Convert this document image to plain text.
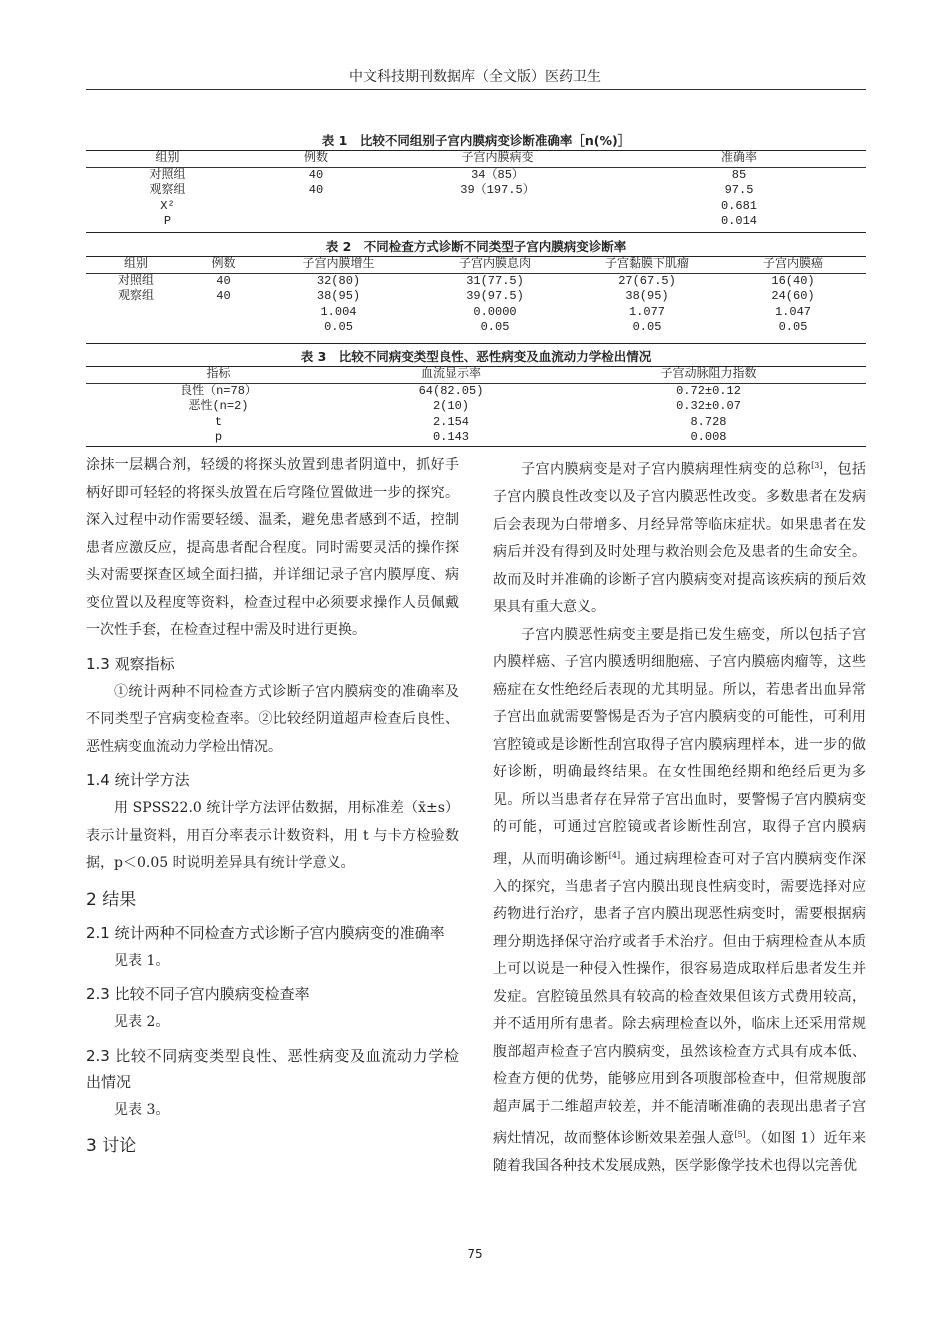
中文科技期刊数据库（全文版）医药卫生
表 1　比较不同组别子宫内膜病变诊断准确率［n(%)］
组别	例数	子宫内膜病变	准确率
对照组	40	34（85）	85
观察组	40	39（197.5）	97.5
X²			0.681
P			0.014
表 2　不同检查方式诊断不同类型子宫内膜病变诊断率
组别	例数	子宫内膜增生	子宫内膜息肉	子宫黏膜下肌瘤	子宫内膜癌
对照组	40	32(80)	31(77.5)	27(67.5)	16(40)
观察组	40	38(95)	39(97.5)	38(95)	24(60)
		1.004	0.0000	1.077	1.047
		0.05	0.05	0.05	0.05
表 3　比较不同病变类型良性、恶性病变及血流动力学检出情况
指标	血流显示率	子宫动脉阻力指数
良性（n=78）	64(82.05)	0.72±0.12
恶性(n=2)	2(10)	0.32±0.07
t	2.154	8.728
p	0.143	0.008

涂抹一层耦合剂，轻缓的将探头放置到患者阴道中，抓好手柄好即可轻轻的将探头放置在后穹隆位置做进一步的探究。深入过程中动作需要轻缓、温柔，避免患者感到不适，控制患者应激反应，提高患者配合程度。同时需要灵活的操作探头对需要探查区域全面扫描，并详细记录子宫内膜厚度、病变位置以及程度等资料，检查过程中必须要求操作人员佩戴一次性手套，在检查过程中需及时进行更换。

1.3 观察指标

①统计两种不同检查方式诊断子宫内膜病变的准确率及不同类型子宫病变检查率。②比较经阴道超声检查后良性、恶性病变血流动力学检出情况。

1.4 统计学方法

用 SPSS22.0 统计学方法评估数据，用标准差（x̄±s）表示计量资料，用百分率表示计数资料，用 t 与卡方检验数据，p＜0.05 时说明差异具有统计学意义。

2 结果
2.1 统计两种不同检查方式诊断子宫内膜病变的准确率

见表 1。

2.3 比较不同子宫内膜病变检查率

见表 2。

2.3 比较不同病变类型良性、恶性病变及血流动力学检出情况

见表 3。

3 讨论

子宫内膜病变是对子宫内膜病理性病变的总称[3]，包括子宫内膜良性改变以及子宫内膜恶性改变。多数患者在发病后会表现为白带增多、月经异常等临床症状。如果患者在发病后并没有得到及时处理与救治则会危及患者的生命安全。故而及时并准确的诊断子宫内膜病变对提高该疾病的预后效果具有重大意义。

子宫内膜恶性病变主要是指已发生癌变，所以包括子宫内膜样癌、子宫内膜透明细胞癌、子宫内膜癌肉瘤等，这些癌症在女性绝经后表现的尤其明显。所以，若患者出血异常子宫出血就需要警惕是否为子宫内膜病变的可能性，可利用宫腔镜或是诊断性刮宫取得子宫内膜病理样本，进一步的做好诊断，明确最终结果。在女性围绝经期和绝经后更为多见。所以当患者存在异常子宫出血时，要警惕子宫内膜病变的可能，可通过宫腔镜或者诊断性刮宫，取得子宫内膜病理，从而明确诊断[4]。通过病理检查可对子宫内膜病变作深入的探究，当患者子宫内膜出现良性病变时，需要选择对应药物进行治疗，患者子宫内膜出现恶性病变时，需要根据病理分期选择保守治疗或者手术治疗。但由于病理检查从本质上可以说是一种侵入性操作，很容易造成取样后患者发生并发症。宫腔镜虽然具有较高的检查效果但该方式费用较高，并不适用所有患者。除去病理检查以外，临床上还采用常规腹部超声检查子宫内膜病变，虽然该检查方式具有成本低、检查方便的优势，能够应用到各项腹部检查中，但常规腹部超声属于二维超声较差，并不能清晰准确的表现出患者子宫病灶情况，故而整体诊断效果差强人意[5]。（如图 1）近年来随着我国各种技术发展成熟，医学影像学技术也得以完善优

75
